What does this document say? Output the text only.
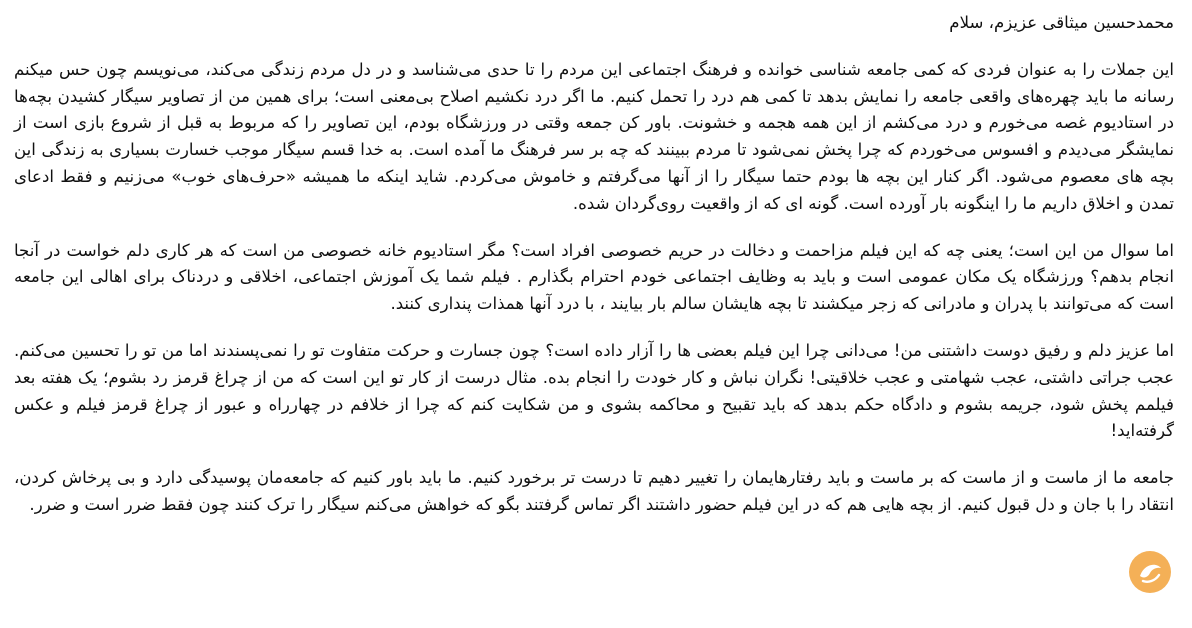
محمدحسین میثاقی عزیزم، سلام

این جملات را به عنوان فردی که کمی جامعه شناسی خوانده و فرهنگ اجتماعی این مردم را تا حدی می‌شناسد و در دل مردم زندگی می‌کند، می‌نویسم چون حس میکنم رسانه ما باید چهره‌های واقعی جامعه را نمایش بدهد تا کمی هم درد را تحمل کنیم. ما اگر درد نکشیم اصلاح بی‌معنی است؛ برای همین من از تصاویر سیگار کشیدن بچه‌ها در استادیوم غصه می‌خورم و درد می‌کشم از این همه هجمه و خشونت. باور کن جمعه وقتی در ورزشگاه بودم، این تصاویر را که مربوط به قبل از شروع بازی است از نمایشگر می‌دیدم و افسوس می‌خوردم که چرا پخش نمی‌شود تا مردم ببینند که چه بر سر فرهنگ ما آمده است. به خدا قسم سیگار موجب خسارت بسیاری به زندگی این بچه های معصوم می‌شود. اگر کنار این بچه ها بودم حتما سیگار را از آنها می‌گرفتم و خاموش می‌کردم. شاید اینکه ما همیشه «حرف‌های خوب» می‌زنیم و فقط ادعای تمدن و اخلاق داریم ما را اینگونه بار آورده است. گونه ای که از واقعیت روی‌گردان شده.

اما سوال من این است؛ یعنی چه که این فیلم مزاحمت و دخالت در حریم خصوصی افراد است؟ مگر استادیوم خانه خصوصی من است که هر کاری دلم خواست در آنجا انجام بدهم؟ ورزشگاه یک مکان عمومی است و باید به وظایف اجتماعی خودم احترام بگذارم . فیلم شما یک آموزش اجتماعی، اخلاقی و دردناک برای اهالی این جامعه است که می‌توانند با پدران و مادرانی که زجر میکشند تا بچه هایشان سالم بار بیایند ، با درد آنها همذات پنداری کنند.

اما عزیز دلم و رفیق دوست داشتنی من! می‌دانی چرا این فیلم بعضی ها را آزار داده است؟ چون جسارت و حرکت متفاوت تو را نمی‌پسندند اما من تو را تحسین می‌کنم. عجب جراتی داشتی، عجب شهامتی و عجب خلاقیتی! نگران نباش و کار خودت را انجام بده. مثال درست از کار تو این است که من از چراغ قرمز رد بشوم؛ یک هفته بعد فیلمم پخش شود، جریمه بشوم و دادگاه حکم بدهد که باید تقبیح و محاکمه بشوی و من شکایت کنم که چرا از خلافم در چهارراه و عبور از چراغ قرمز فیلم و عکس گرفته‌اید!

جامعه ما از ماست و از ماست که بر ماست و باید رفتارهایمان را تغییر دهیم تا درست تر برخورد کنیم. ما باید باور کنیم که جامعه‌مان پوسیدگی دارد و بی پرخاش کردن، انتقاد را با جان و دل قبول کنیم. از بچه هایی هم که در این فیلم حضور داشتند اگر تماس گرفتند بگو که خواهش می‌کنم سیگار را ترک کنند چون فقط ضرر است و ضرر.
